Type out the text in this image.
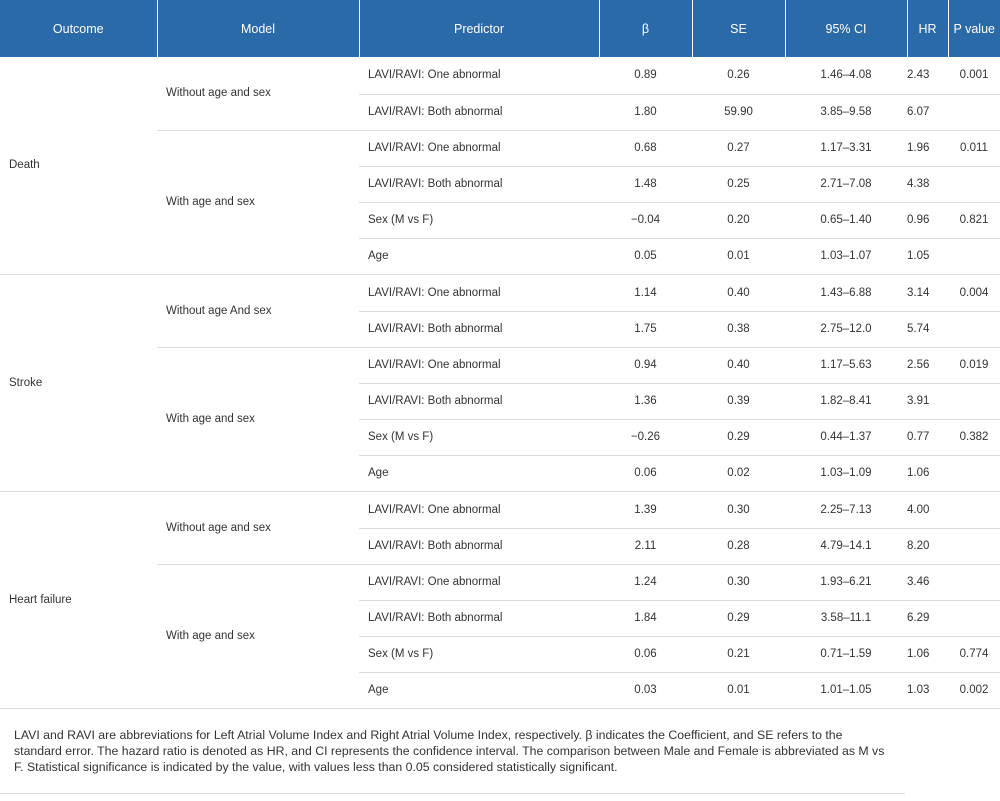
Outcome	Model	Predictor	β	SE	95% CI	HR	P value
Death	Without age and sex	LAVI/RAVI: One abnormal	0.89	0.26	1.46–4.08	2.43	0.001
		LAVI/RAVI: Both abnormal	1.80	59.90	3.85–9.58	6.07	
	With age and sex	LAVI/RAVI: One abnormal	0.68	0.27	1.17–3.31	1.96	0.011
		LAVI/RAVI: Both abnormal	1.48	0.25	2.71–7.08	4.38	
		Sex (M vs F)	−0.04	0.20	0.65–1.40	0.96	0.821
		Age	0.05	0.01	1.03–1.07	1.05	
Stroke	Without age And sex	LAVI/RAVI: One abnormal	1.14	0.40	1.43–6.88	3.14	0.004
		LAVI/RAVI: Both abnormal	1.75	0.38	2.75–12.0	5.74	
	With age and sex	LAVI/RAVI: One abnormal	0.94	0.40	1.17–5.63	2.56	0.019
		LAVI/RAVI: Both abnormal	1.36	0.39	1.82–8.41	3.91	
		Sex (M vs F)	−0.26	0.29	0.44–1.37	0.77	0.382
		Age	0.06	0.02	1.03–1.09	1.06	
Heart failure	Without age and sex	LAVI/RAVI: One abnormal	1.39	0.30	2.25–7.13	4.00	
		LAVI/RAVI: Both abnormal	2.11	0.28	4.79–14.1	8.20	
	With age and sex	LAVI/RAVI: One abnormal	1.24	0.30	1.93–6.21	3.46	
		LAVI/RAVI: Both abnormal	1.84	0.29	3.58–11.1	6.29	
		Sex (M vs F)	0.06	0.21	0.71–1.59	1.06	0.774
		Age	0.03	0.01	1.01–1.05	1.03	0.002
LAVI and RAVI are abbreviations for Left Atrial Volume Index and Right Atrial Volume Index, respectively. β indicates the Coefficient, and SE refers to the standard error. The hazard ratio is denoted as HR, and CI represents the confidence interval. The comparison between Male and Female is abbreviated as M vs F. Statistical significance is indicated by the value, with values less than 0.05 considered statistically significant.
